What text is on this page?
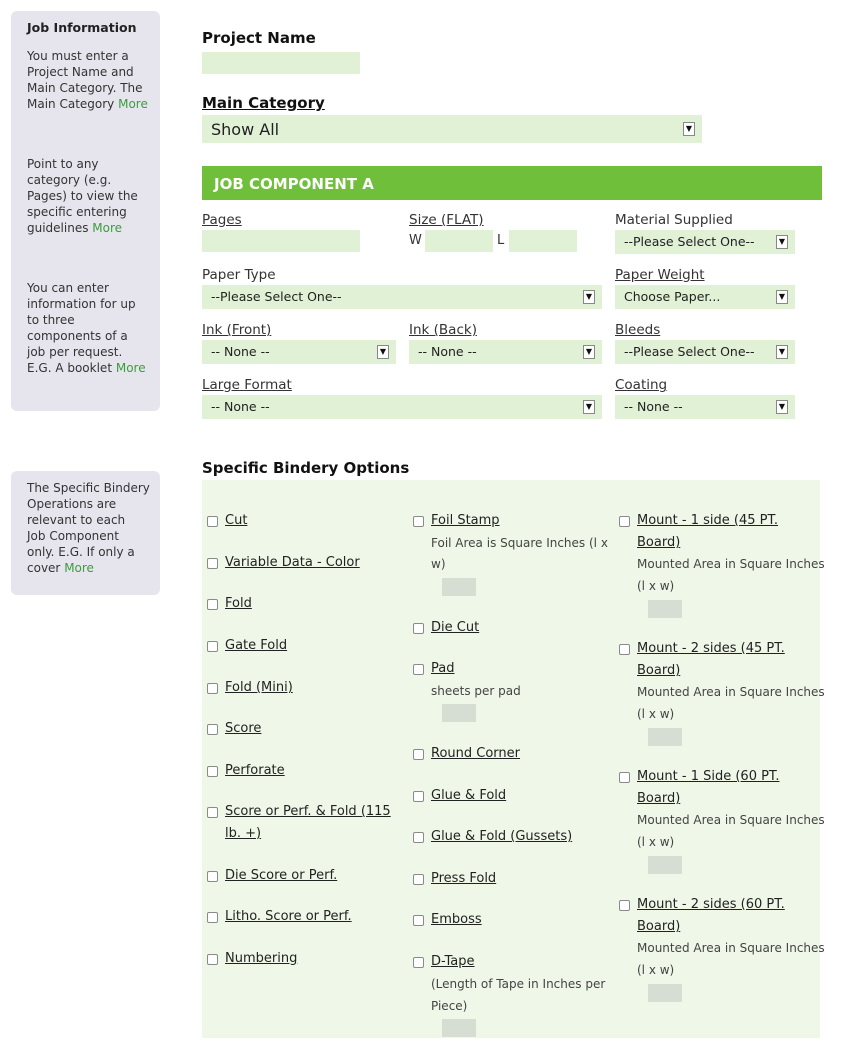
Job Information
You must enter a
Project Name and
Main Category. The
Main Category More
Point to any
category (e.g.
Pages) to view the
specific entering
guidelines More
You can enter
information for up
to three
components of a
job per request.
E.G. A booklet More
The Specific Bindery
Operations are
relevant to each
Job Component
only. E.G. If only a
cover More
Project Name
Main Category
Show All	▼
JOB COMPONENT A
Pages	Size (FLAT)
W	L
Material Supplied
--Please Select One--	▼
Paper Type
--Please Select One--	▼
Paper Weight
Choose Paper...	▼
Ink (Front)
-- None --	▼
Ink (Back)
-- None --	▼
Bleeds
--Please Select One--	▼
Large Format
-- None --	▼
Coating
-- None --	▼
Specific Bindery Options
Cut
Variable Data - Color
Fold
Gate Fold
Fold (Mini)
Score
Perforate
Score or Perf. & Fold (115
lb. +)
Die Score or Perf.
Litho. Score or Perf.
Numbering
Foil Stamp
Foil Area is Square Inches (l x
w)
Die Cut
Pad
sheets per pad
Round Corner
Glue & Fold
Glue & Fold (Gussets)
Press Fold
Emboss
D-Tape
(Length of Tape in Inches per
Piece)
Mount - 1 side (45 PT.
Board)
Mounted Area in Square Inches
(l x w)
Mount - 2 sides (45 PT.
Board)
Mounted Area in Square Inches
(l x w)
Mount - 1 Side (60 PT.
Board)
Mounted Area in Square Inches
(l x w)
Mount - 2 sides (60 PT.
Board)
Mounted Area in Square Inches
(l x w)
